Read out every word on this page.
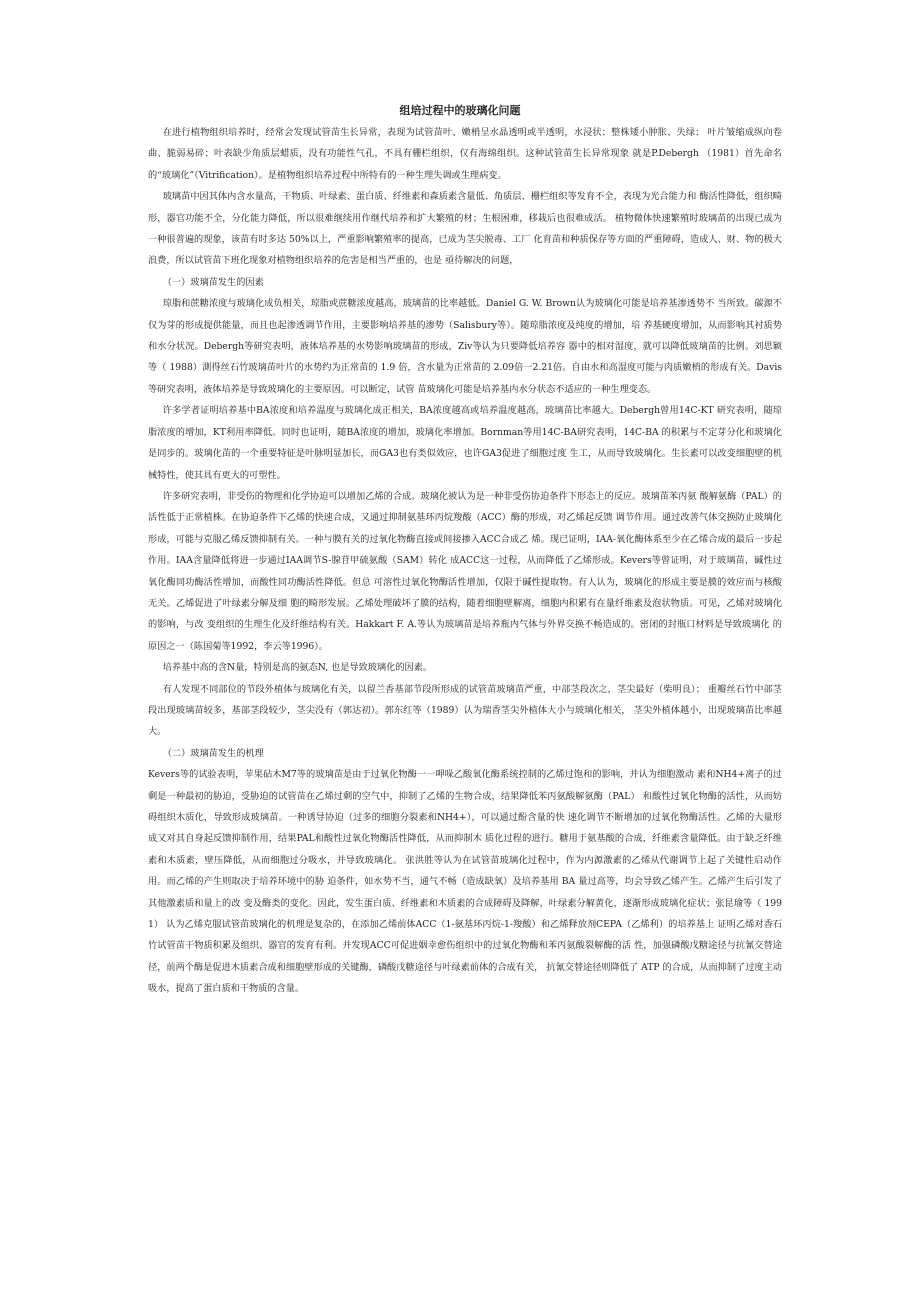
组培过程中的玻璃化问题

在进行植物组织培养时，经常会发现试管苗生长异常，表现为试管苗叶、嫩梢呈水晶透明或半透明，水浸状；整株矮小肿胀、失绿； 叶片皱缩成纵向卷曲、脆弱易碎；叶表缺少角质层蜡质，没有功能性气孔，不具有栅栏组织，仅有海绵组织。这种试管苗生长异常现象 就是P.Debergh （1981）首先命名的“玻璃化”（Vitrification）。是植物组织培养过程中所特有的一种生理失调或生理病变。

玻璃苗中因其体内含水量高，干物质、叶绿素、蛋白质、纤维素和森质素含量低、角质层、栅栏组织等发育不全，表现为光合能力和 酶活性降低，组织畸形，器官功能不全，分化能力降低，所以很难继续用作继代培养和扩大繁殖的材；生根困难，移栽后也很难成活。 植物微体快速繁殖时玻璃苗的出现已成为一种很普遍的现象，该苗有时多达 50%以上，严重影响繁殖率的提高，已成为茎尖脱毒、工厂 化育苗和种质保存等方面的严重障碍，造成人、财、物的极大浪费，所以试管苗下班化现象对植物组织培养的危害是相当严重的，也是 亟待解决的问题，

（一）玻璃苗发生的因素

琼脂和蔗糖浓度与玻璃化成负相关，琼脂或蔗糖浓度越高，玻璃苗的比率越低。Daniel G. W. Brown认为玻璃化可能是培养基渗透势不 当所致。碳源不仅为芽的形成提供能量，而且也起渗透调节作用，主要影响培养基的渗势（Salisbury等）。随琼脂浓度及纯度的增加，培 养基硬度增加，从而影响其衬质势和水分状况。Debergh等研究表明，液体培养基的水势影响玻璃苗的形成，Ziv等认为只要降低培养容 器中的相对湿度，就可以降低玻璃苗的比例。刘思颖等（ 1988）測得丝石竹玻璃苗叶片的水势约为正常苗的 1.9 倍，含水量为正常苗的 2.09倍一2.21倍。自由水和高湿度可能与肉质嫩梢的形成有关。Davis等研究表明，液体培养是导致玻璃化的主要原因。可以断定，试管 苗玻璃化可能是培养基内水分状态不适应的一种生理变态。

许多学者证明培养基中BA浓度和培养温度与玻璃化成正相关，BA浓度越高或培养温度越高，玻璃苗比率越大。Debergh曾用14C-KT 研究表明，随琼脂浓度的增加，KT利用率降低。同时也证明，随BA浓度的增加，玻璃化率增加。Bornman等用14C-BA研究表明，14C-BA 的积累与不定芽分化和玻璃化是同步的。玻璃化苗的一个重要特征是叶脉明显加长，而GA3也有类似效应，也许GA3促进了细胞过度 生工，从而导致玻璃化。生长素可以改变细胞壁的机械特性，使其具有更大的可塑性。

许多研究表明，非受伤的物理和化学协迫可以增加乙烯的合成。玻璃化被认为是一种非受伤协迫条件下形态上的反应。玻璃苗苯丙氨 酸解氨酶（PAL）的活性低于正常植株。在协迫条件下乙烯的快速合成，又通过抑制氨基环丙烷羧酸（ACC）酶的形成，对乙烯起反馈 调节作用。通过改善气体交换防止玻璃化形成，可能与克服乙烯反馈抑制有关。一种与膜有关的过氧化物酶直接或间接掺入ACC合成乙 烯。现已证明，IAA-氧化酶体系至少在乙烯合成的最后一步起作用。IAA含量降低将进一步通过IAA调节S-腺苷甲硫氨酸（SAM）转化 成ACC这一过程，从而降低了乙烯形成。Kevers等曾证明，对于玻璃苗，碱性过氧化酶同功酶活性增加，而酸性同功酶活性降低。但总 可溶性过氧化物酶活性增加，仅限于碱性提取物。有人认为，玻璃化的形成主要是膜的效应而与核酸无关。乙烯促进了叶绿素分解及细 胞的畸形发展。乙烯处理破坏了膜的结构，随着细胞壁解离，细胞内积累有在量纤维素及泡状物质。可见，乙烯对玻璃化的影响，与改 变组织的生理生化及纤维结构有关。Hakkart F. A.等认为玻璃苗是培养瓶内气体与外界交换不畅造成的。密闭的封瓶口材料是导致玻璃化 的原因之一（陈国菊等1992，李云等1996）。

培养基中高的含N量，特别是高的氨态N, 也是导致玻璃化的因素。

有人发现不同部位的节段外植体与玻璃化有关，以留兰香基部节段所形成的试管苗玻璃苗严重，中部茎段次之，茎尖最好（柴明良）； 重瓣丝石竹中部茎段出现玻璃苗较多，基部茎段较少，茎尖没有（郭达初）。郭东红等（1989）认为瑞香茎尖外植体大小与玻璃化相关， 茎尖外植体越小，出现玻璃苗比率越大。

（二）玻璃苗发生的机理

Kevers等的试验表明，苹果砧木M7等的玻璃苗是由于过氧化物酶一一呷哚乙酸氧化酶系统控制的乙烯过饱和的影响，并认为细胞激动 素和NH4+离子的过剩是一种最初的胁迫，受胁迫的试管苗在乙烯过剩的空气中，抑制了乙烯的生物合成，结果降低苯丙氨酸解氨酶（PAL） 和酸性过氧化物酶的活性，从而妨碍组织木质化，导致形成玻璃苗。一种诱导协迫（过多的细胞分裂素和NH4+），可以通过酚含量的快 速化调节不断增加的过氧化物酶活性。乙烯的大量形成又对其自身起反馈抑制作用，结果PAL和酸性过氧化物酶活性降低，从而抑制木 质化过程的进行。糖用于氨基酸的合成，纤维素含量降低。由于缺乏纤维素和木质素，壁压降低，从而细胞过分吸水，并导致玻璃化。 张洪胜等认为在试管苗玻璃化过程中，作为内源激素的乙烯从代谢调节上起了关键性启动作用。而乙烯的产生则取决于培养环境中的胁 迫条件，如水势不当，通气不畅（造成缺氧）及培养基用 BA 量过高等，均会导致乙烯产生。乙烯产生后引发了其他激素质和量上的改 变及酶类的变化。因此，发生蛋白质、纤维素和木质素的合成障碍及降解，叶绿素分解黄化，逐渐形成玻璃化症状；张昆瑜等（ 1991） 认为乙烯克服试管苗玻璃化的机理是复杂的，在添加乙烯前体ACC（1-氨基环丙烷-1-羧酸）和乙烯释放剂CEPA（乙烯利）的培养基上 证明乙烯对香石竹试管苗干物质积累及组织、器官的发育有利。并发现ACC可促进姻幸愈伤组织中的过氧化物酶和苯丙氨酸裂解酶的活 性，加强磷酸戊糖途径与抗氰交替途径，前两个酶是促进木质素合成和细胞壁形成的关键酶，磷酸戊糖途径与叶绿素前体的合成有关， 抗氰交替途径则降低了 ATP 的合成，从而抑制了过度主动吸水，提高了蛋白质和干物质的含量。
